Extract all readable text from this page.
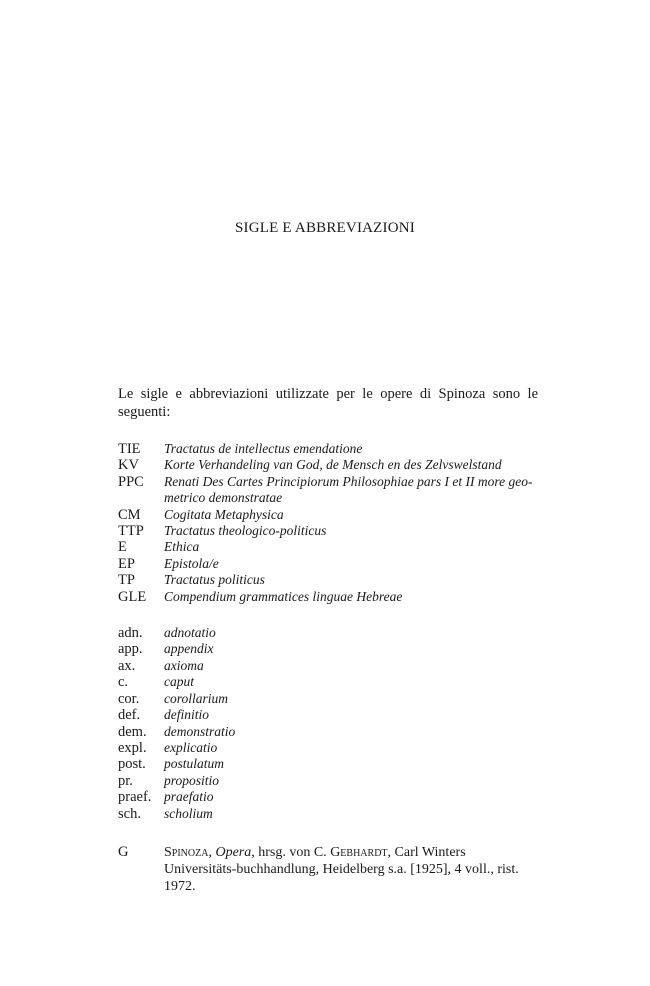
SIGLE E ABBREVIAZIONI

Le sigle e abbreviazioni utilizzate per le opere di Spinoza sono le seguenti:

TIE	Tractatus de intellectus emendatione
KV	Korte Verhandeling van God, de Mensch en des Zelvswelstand
PPC	Renati Des Cartes Principiorum Philosophiae pars I et II more geo-metrico demonstratae
CM	Cogitata Metaphysica
TTP	Tractatus theologico-politicus
E	Ethica
EP	Epistola/e
TP	Tractatus politicus
GLE	Compendium grammatices linguae Hebreae
adn.	adnotatio
app.	appendix
ax.	axioma
c.	caput
cor.	corollarium
def.	definitio
dem.	demonstratio
expl.	explicatio
post.	postulatum
pr.	propositio
praef. praefatio
sch.	scholium
G	Spinoza, Opera, hrsg. von C. Gebhardt, Carl Winters Universitäts-buchhandlung, Heidelberg s.a. [1925], 4 voll., rist. 1972.
